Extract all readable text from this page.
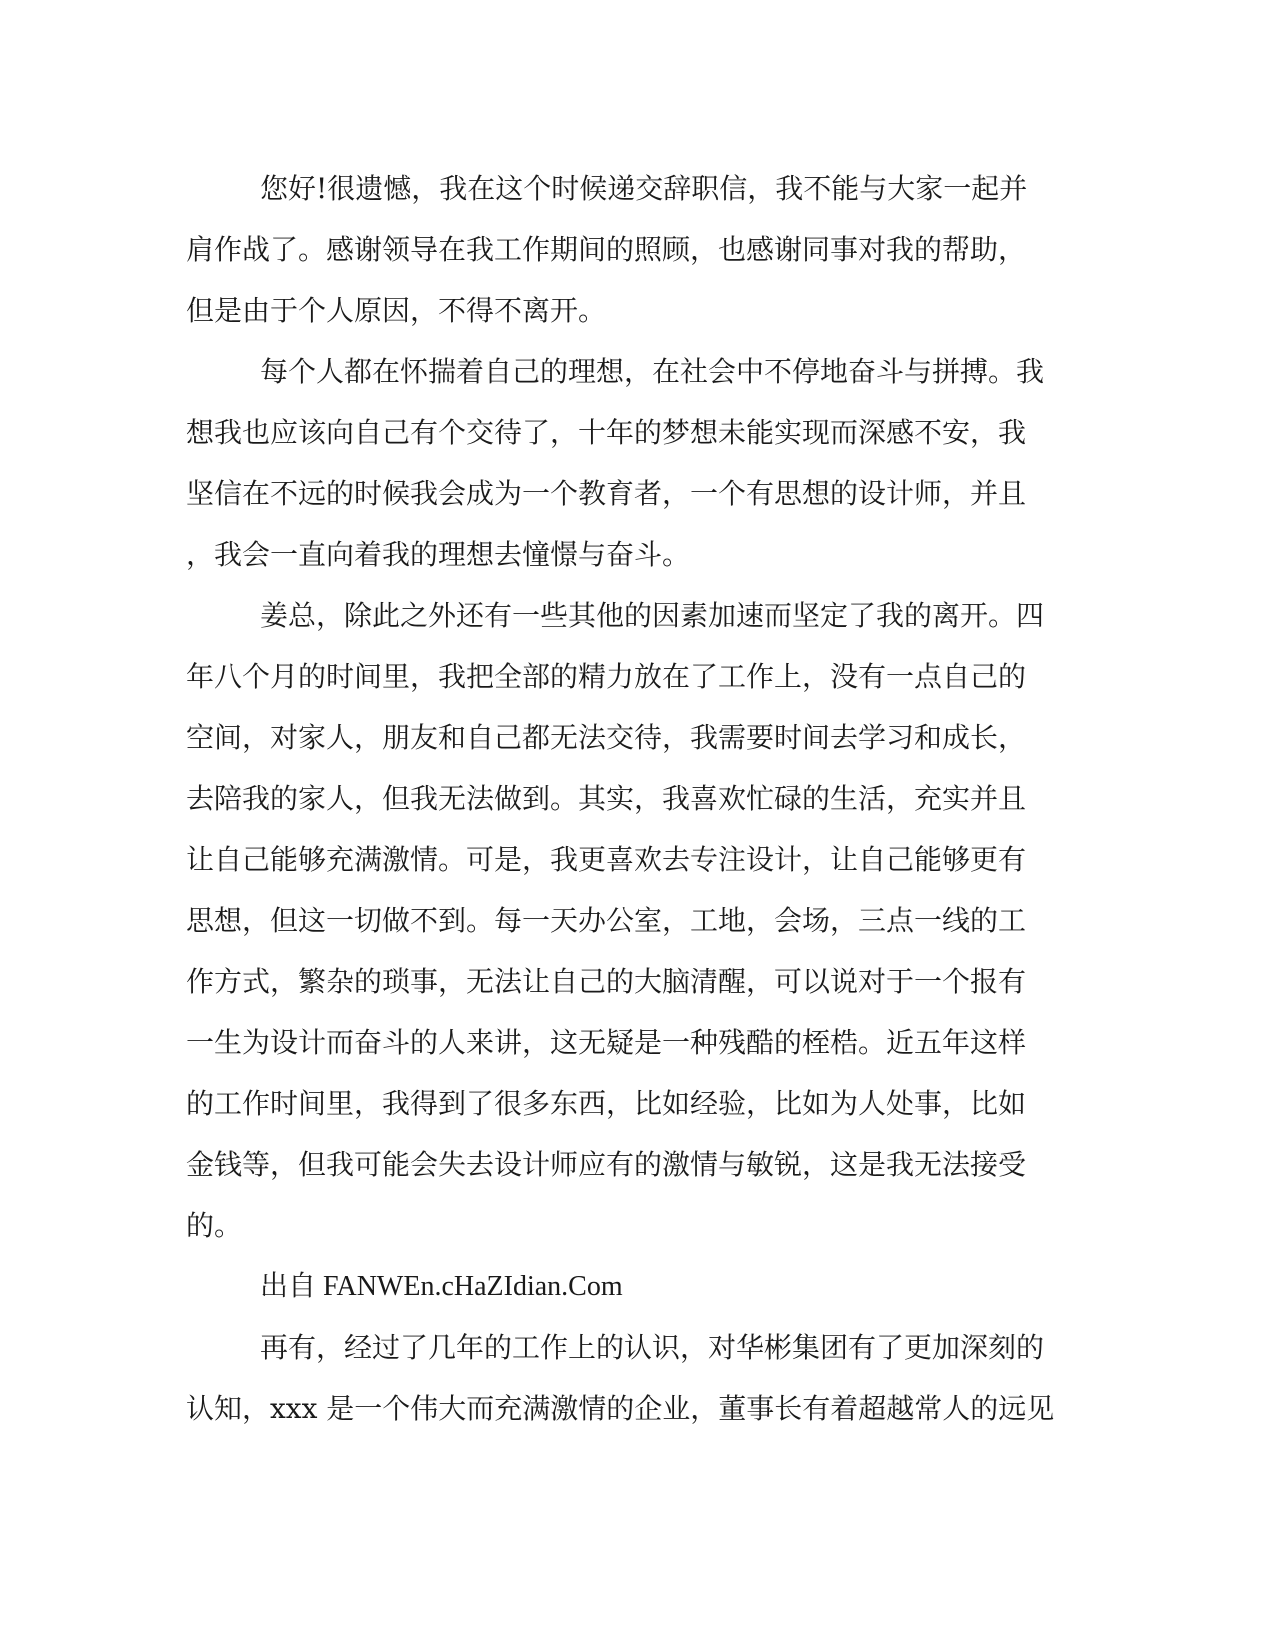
您好!很遗憾，我在这个时候递交辞职信，我不能与大家一起并
肩作战了。感谢领导在我工作期间的照顾，也感谢同事对我的帮助，
但是由于个人原因，不得不离开。

每个人都在怀揣着自己的理想，在社会中不停地奋斗与拼搏。我
想我也应该向自己有个交待了，十年的梦想未能实现而深感不安，我
坚信在不远的时候我会成为一个教育者，一个有思想的设计师，并且
，我会一直向着我的理想去憧憬与奋斗。

姜总，除此之外还有一些其他的因素加速而坚定了我的离开。四
年八个月的时间里，我把全部的精力放在了工作上，没有一点自己的
空间，对家人，朋友和自己都无法交待，我需要时间去学习和成长，
去陪我的家人，但我无法做到。其实，我喜欢忙碌的生活，充实并且
让自己能够充满激情。可是，我更喜欢去专注设计，让自己能够更有
思想，但这一切做不到。每一天办公室，工地，会场，三点一线的工
作方式，繁杂的琐事，无法让自己的大脑清醒，可以说对于一个报有
一生为设计而奋斗的人来讲，这无疑是一种残酷的桎梏。近五年这样
的工作时间里，我得到了很多东西，比如经验，比如为人处事，比如
金钱等，但我可能会失去设计师应有的激情与敏锐，这是我无法接受
的。

出自 FANWEn.cHaZIdian.Com

再有，经过了几年的工作上的认识，对华彬集团有了更加深刻的
认知，xxx 是一个伟大而充满激情的企业，董事长有着超越常人的远见
